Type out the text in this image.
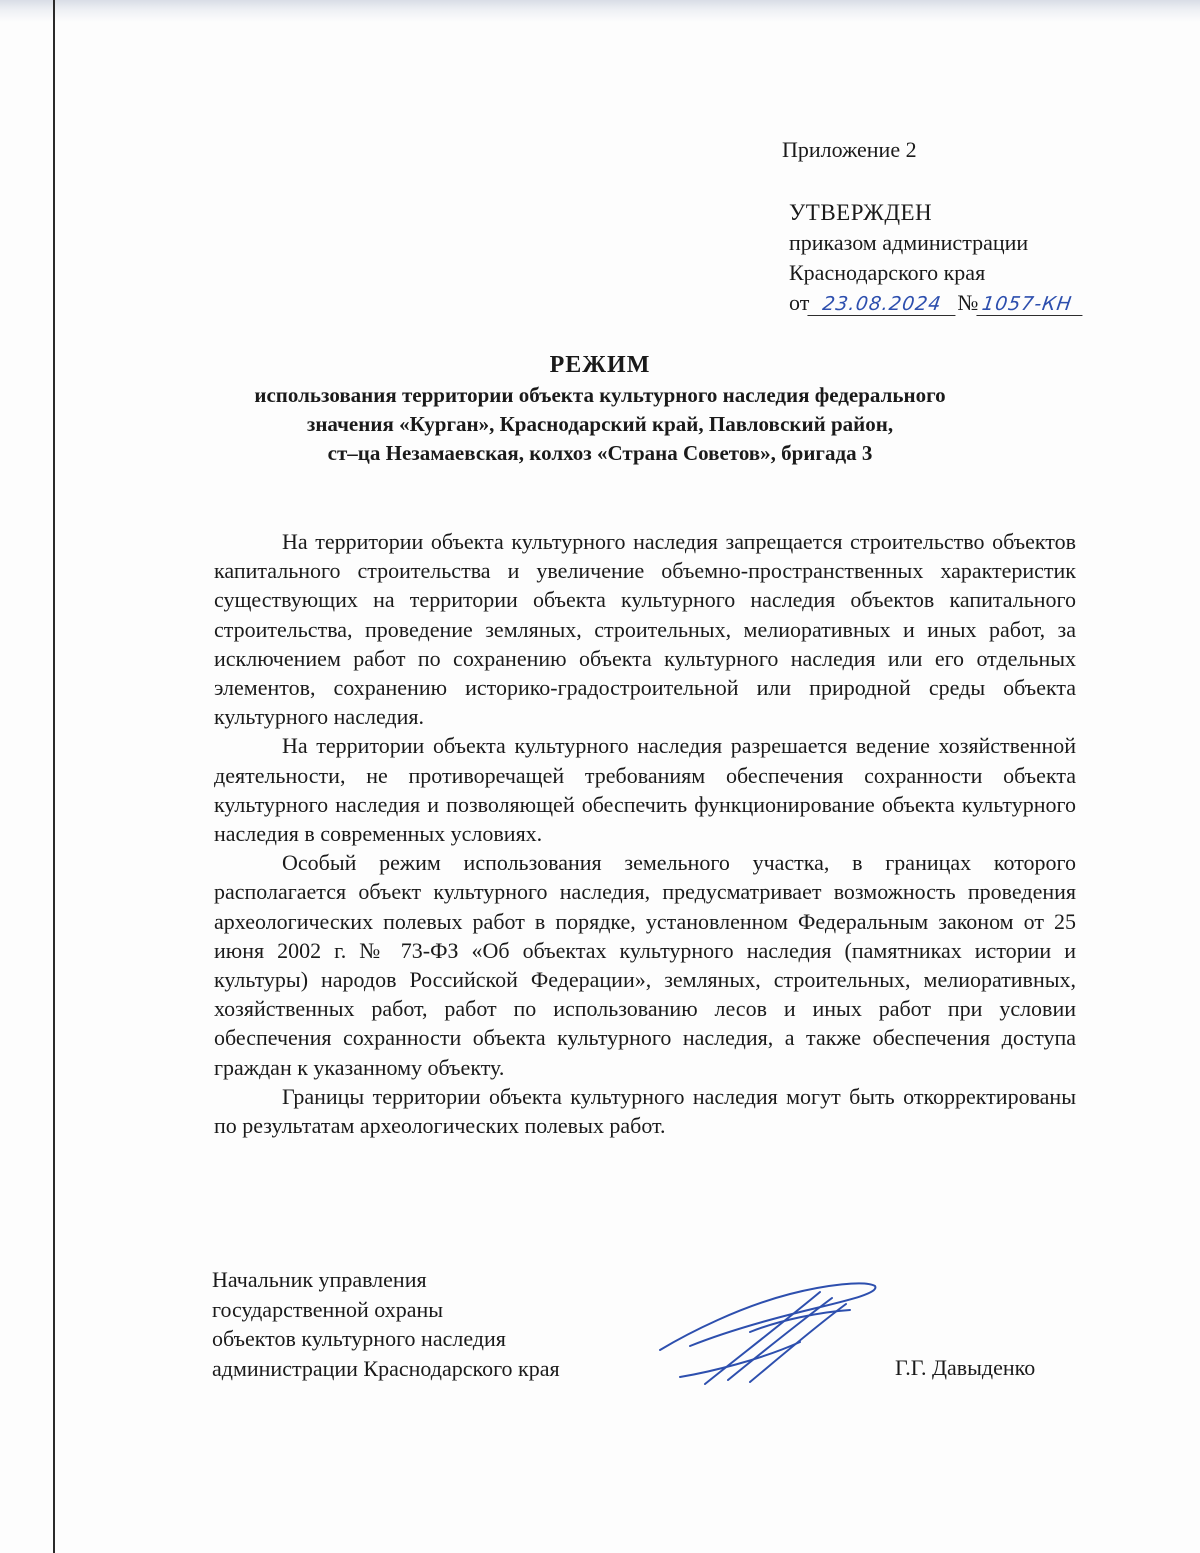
Приложение 2
УТВЕРЖДЕН
приказом администрации
Краснодарского края
от 23.08.2024 № 1057-КН
РЕЖИМ
использования территории объекта культурного наследия федерального
значения «Курган», Краснодарский край, Павловский район,
ст–ца Незамаевская, колхоз «Страна Советов», бригада 3

На территории объекта культурного наследия запрещается строительство объектов капитального строительства и увеличение объемно-пространственных характеристик существующих на территории объекта культурного наследия объектов капитального строительства, проведение земляных, строительных, мелиоративных и иных работ, за исключением работ по сохранению объекта культурного наследия или его отдельных элементов, сохранению историко-градостроительной или природной среды объекта культурного наследия.

На территории объекта культурного наследия разрешается ведение хозяйственной деятельности, не противоречащей требованиям обеспечения сохранности объекта культурного наследия и позволяющей обеспечить функционирование объекта культурного наследия в современных условиях.

Особый режим использования земельного участка, в границах которого располагается объект культурного наследия, предусматривает возможность проведения археологических полевых работ в порядке, установленном Федеральным законом от 25 июня 2002 г. № 73-ФЗ «Об объектах культурного наследия (памятниках истории и культуры) народов Российской Федерации», земляных, строительных, мелиоративных, хозяйственных работ, работ по использованию лесов и иных работ при условии обеспечения сохранности объекта культурного наследия, а также обеспечения доступа граждан к указанному объекту.

Границы территории объекта культурного наследия могут быть откорректированы по результатам археологических полевых работ.

Начальник управления
государственной охраны
объектов культурного наследия
администрации Краснодарского края	Г.Г. Давыденко
